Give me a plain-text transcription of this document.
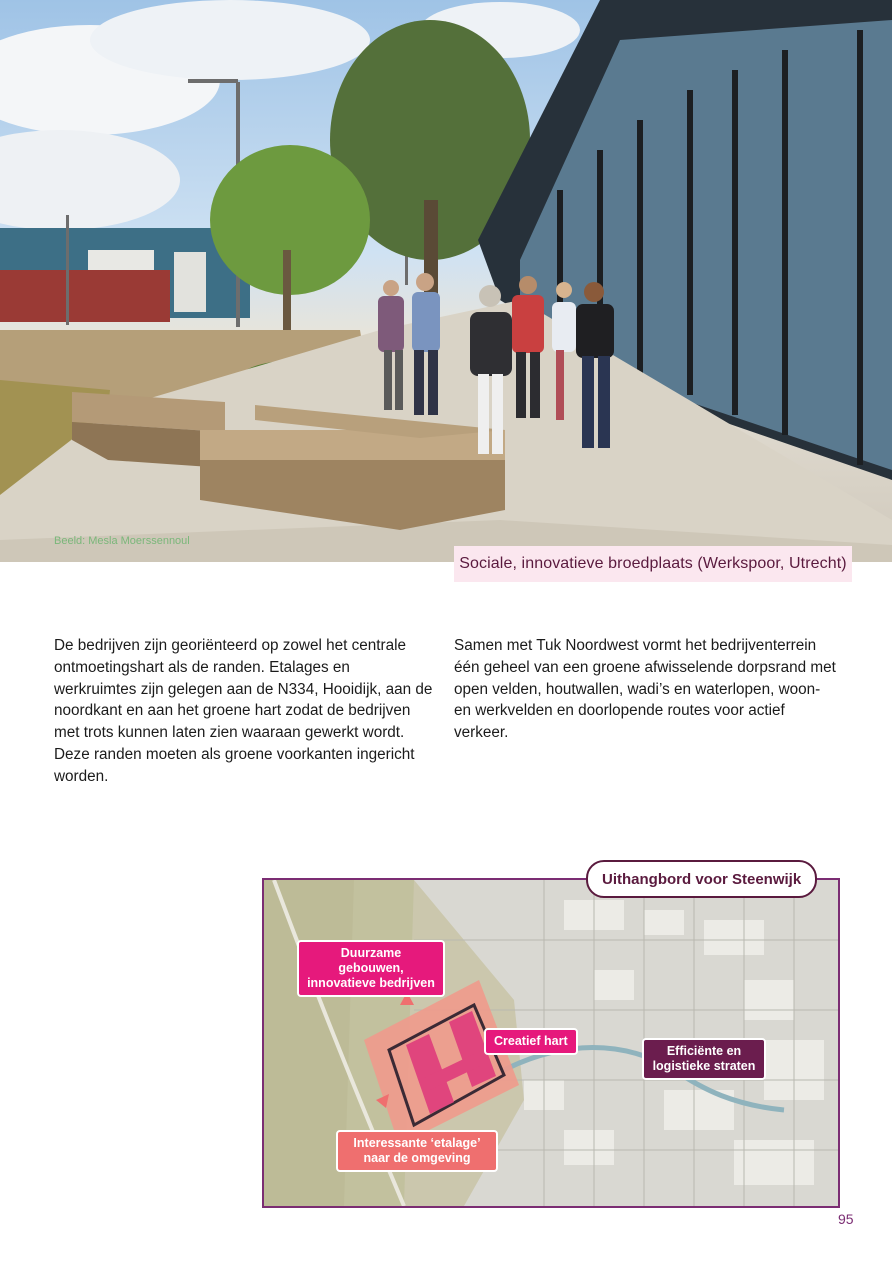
Beeld: Mesla Moerssennoul
Sociale, innovatieve broedplaats (Werkspoor, Utrecht)
De bedrijven zijn georiënteerd op zowel het centrale ontmoetingshart als de randen. Etalages en werkruimtes zijn gelegen aan de N334, Hooidijk, aan de noordkant en aan het groene hart zodat de bedrijven met trots kunnen laten zien waaraan gewerkt wordt. Deze randen moeten als groene voorkanten ingericht worden.
Samen met Tuk Noordwest vormt het bedrijventerrein één geheel van een groene afwisselende dorpsrand met open velden, houtwallen, wadi’s en waterlopen, woon- en werkvelden en doorlopende routes voor actief verkeer.
Uithangbord voor Steenwijk
Duurzame gebouwen, innovatieve bedrijven
Creatief hart
Efficiënte en logistieke straten
Interessante ‘etalage’ naar de omgeving
95
